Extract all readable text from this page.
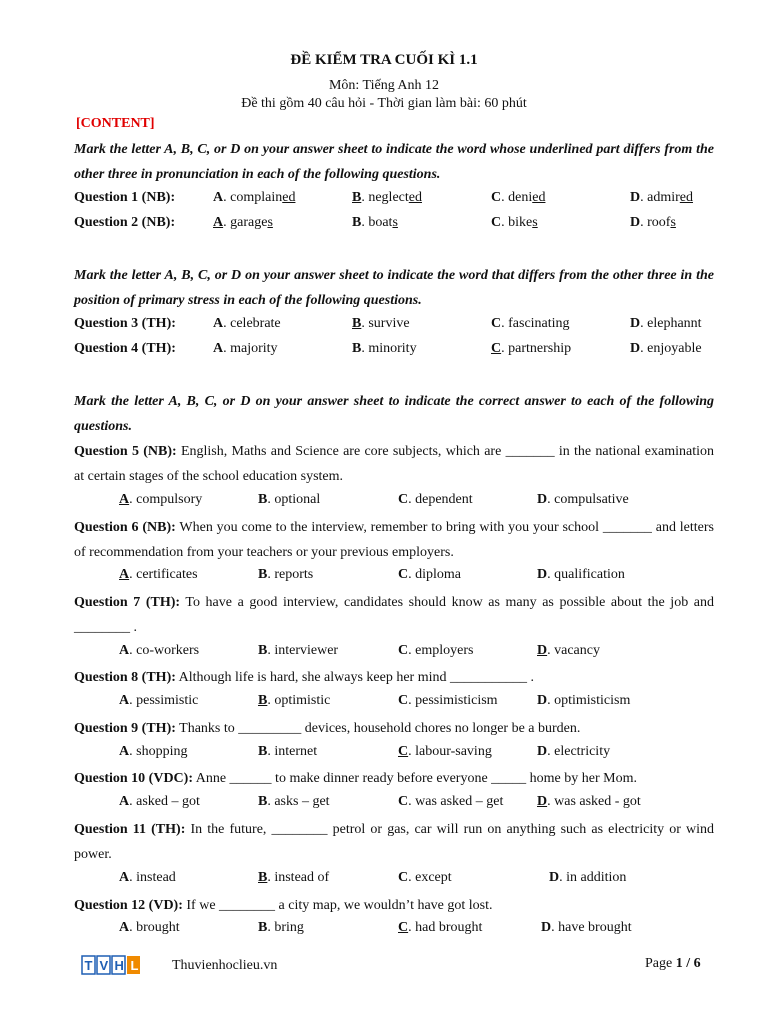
ĐỀ KIỂM TRA CUỐI KÌ 1.1
Môn: Tiếng Anh 12
Đề thi gồm 40 câu hỏi - Thời gian làm bài: 60 phút
[CONTENT]
Mark the letter A, B, C, or D on your answer sheet to indicate the word whose underlined part differs from the other three in pronunciation in each of the following questions.
Question 1 (NB):	A. complained	B. neglected	C. denied	D. admired
Question 2 (NB):	A. garages	B. boats	C. bikes	D. roofs
Mark the letter A, B, C, or D on your answer sheet to indicate the word that differs from the other three in the position of primary stress in each of the following questions.
Question 3 (TH):	A. celebrate	B. survive	C. fascinating	D. elephannt
Question 4 (TH):	A. majority	B. minority	C. partnership	D. enjoyable
Mark the letter A, B, C, or D on your answer sheet to indicate the correct answer to each of the following questions.
Question 5 (NB): English, Maths and Science are core subjects, which are _______ in the national examination at certain stages of the school education system.
A. compulsory	B. optional	C. dependent	D. compulsative
Question 6 (NB): When you come to the interview, remember to bring with you your school _______ and letters of recommendation from your teachers or your previous employers.
A. certificates	B. reports	C. diploma	D. qualification
Question 7 (TH): To have a good interview, candidates should know as many as possible about the job and ________ .
A. co-workers	B. interviewer	C. employers	D. vacancy
Question 8 (TH): Although life is hard, she always keep her mind ___________ .
A. pessimistic	B. optimistic	C. pessimisticism	D. optimisticism
Question 9 (TH): Thanks to _________ devices, household chores no longer be a burden.
A. shopping	B. internet	C. labour-saving	D. electricity
Question 10 (VDC): Anne ______ to make dinner ready before everyone _____ home by her Mom.
A. asked – got	B. asks – get	C. was asked – get D. was asked - got
Question 11 (TH): In the future, ________ petrol or gas, car will run on anything such as electricity or wind power.
A. instead	B. instead of	C. except	D. in addition
Question 12 (VD): If we ________ a city map, we wouldn’t have got lost.
A. brought	B. bring	C. had brought	D. have brought
T V H L Thuvienhoclieu.vn	Page 1 / 6
